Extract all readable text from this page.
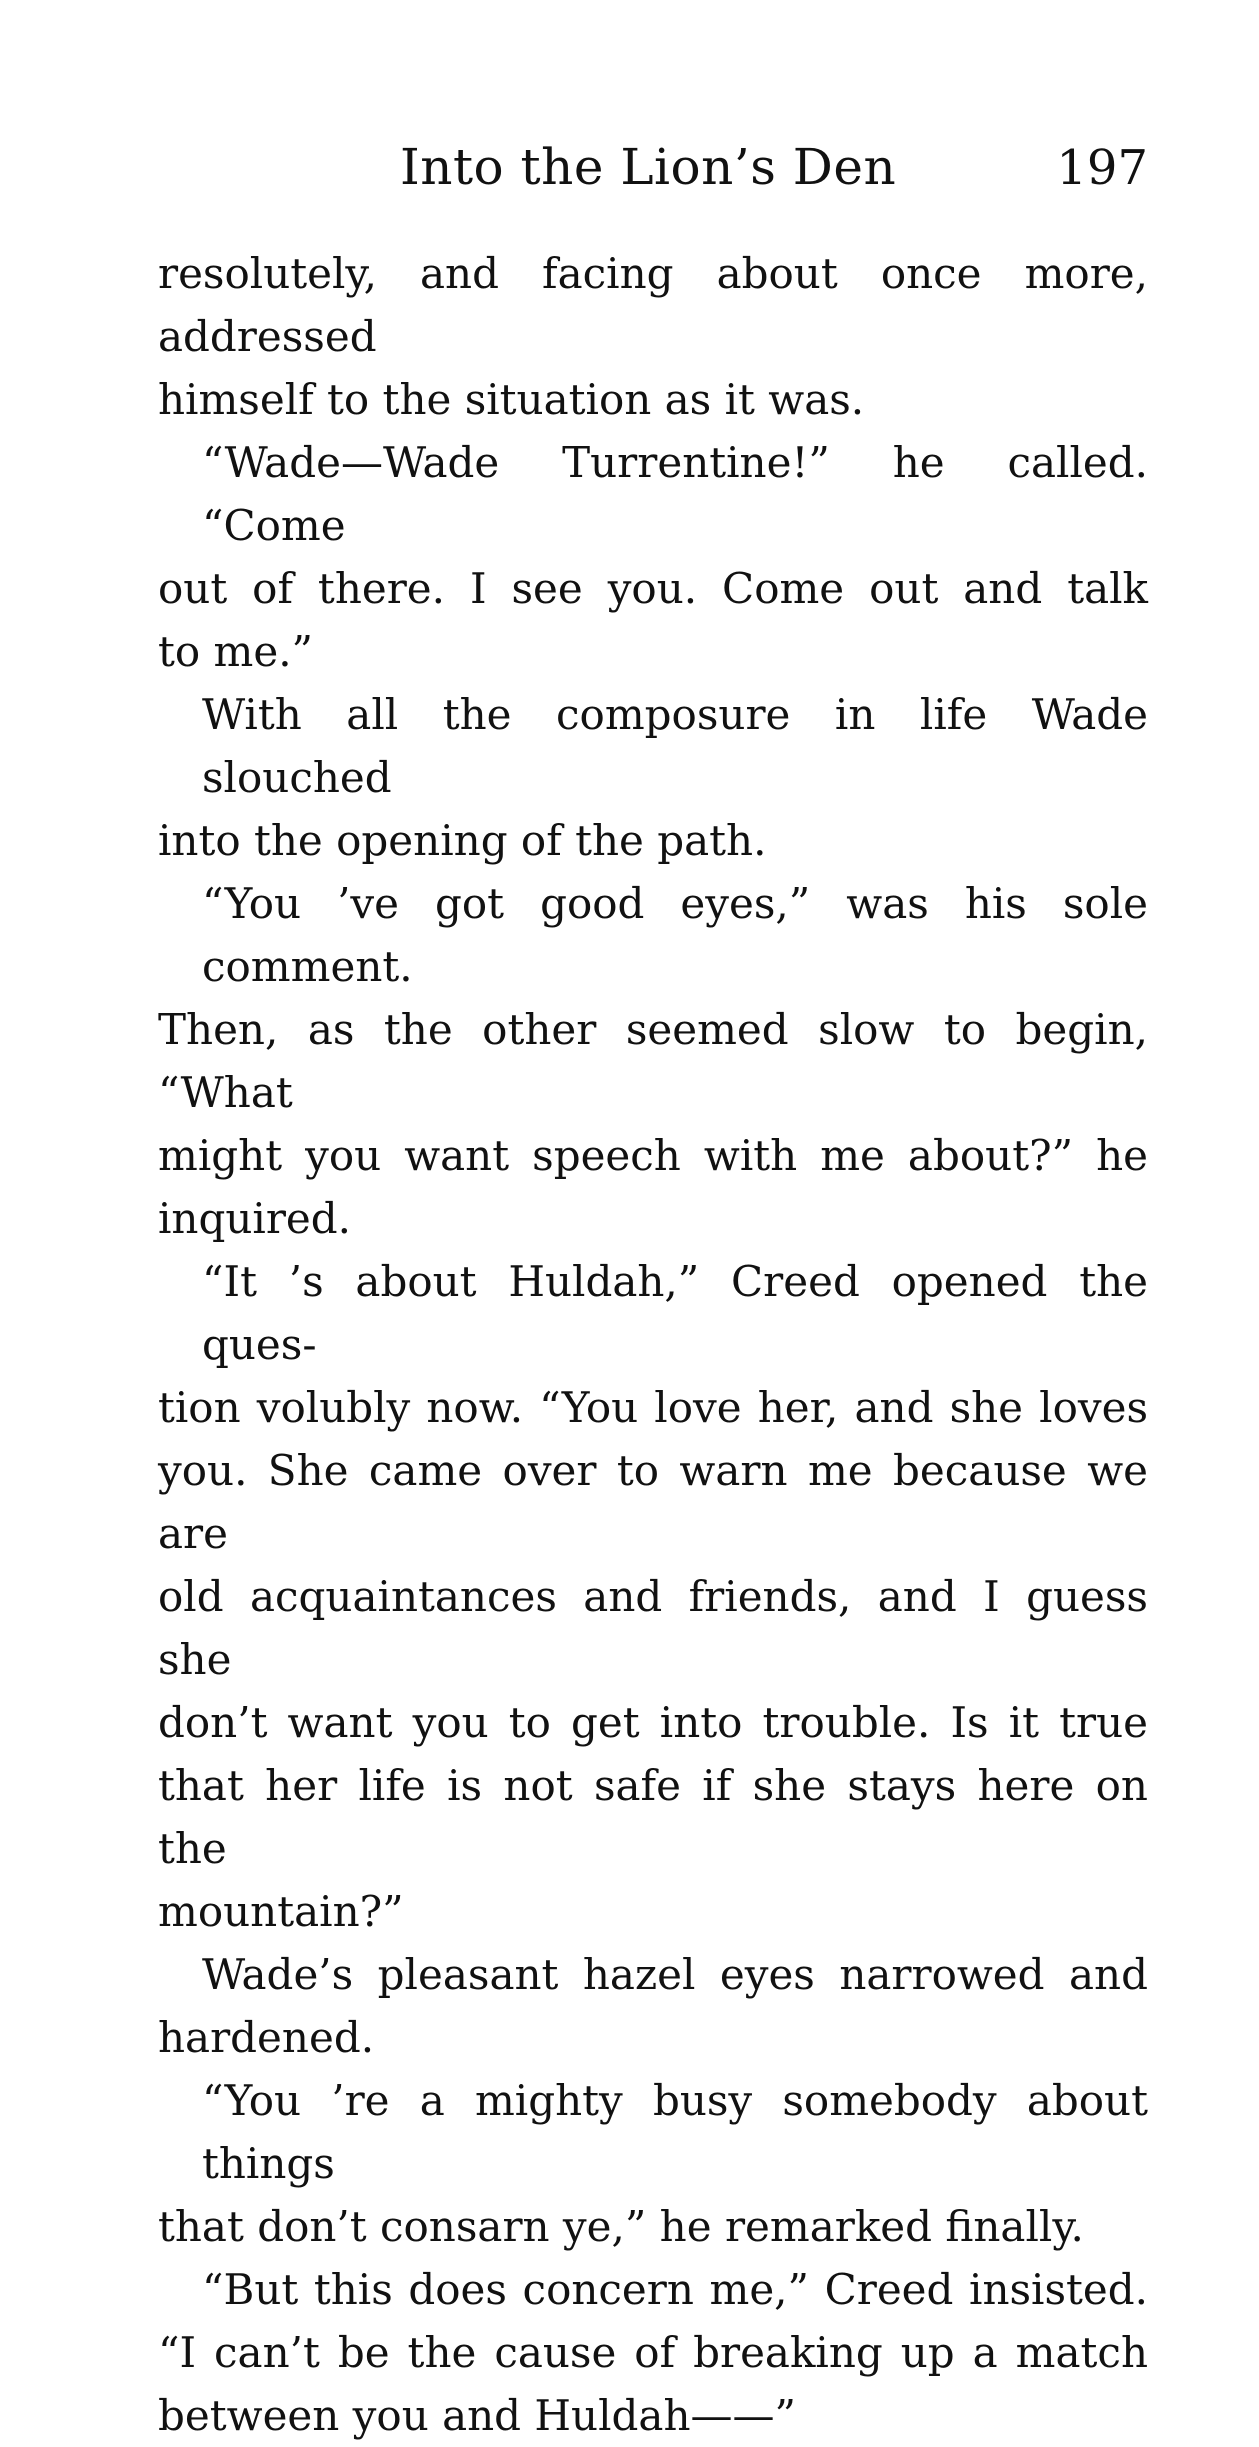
Into the Lion’s Den	197
resolutely, and facing about once more, addressed
himself to the situation as it was.
“Wade—Wade Turrentine!” he called. “Come
out of there. I see you. Come out and talk
to me.”
With all the composure in life Wade slouched
into the opening of the path.
“You ’ve got good eyes,” was his sole comment.
Then, as the other seemed slow to begin, “What
might you want speech with me about?” he
inquired.
“It ’s about Huldah,” Creed opened the ques-
tion volubly now. “You love her, and she loves
you. She came over to warn me because we are
old acquaintances and friends, and I guess she
don’t want you to get into trouble. Is it true
that her life is not safe if she stays here on the
mountain?”
Wade’s pleasant hazel eyes narrowed and
hardened.
“You ’re a mighty busy somebody about things
that don’t consarn ye,” he remarked finally.
“But this does concern me,” Creed insisted.
“I can’t be the cause of breaking up a match
between you and Huldah——”
